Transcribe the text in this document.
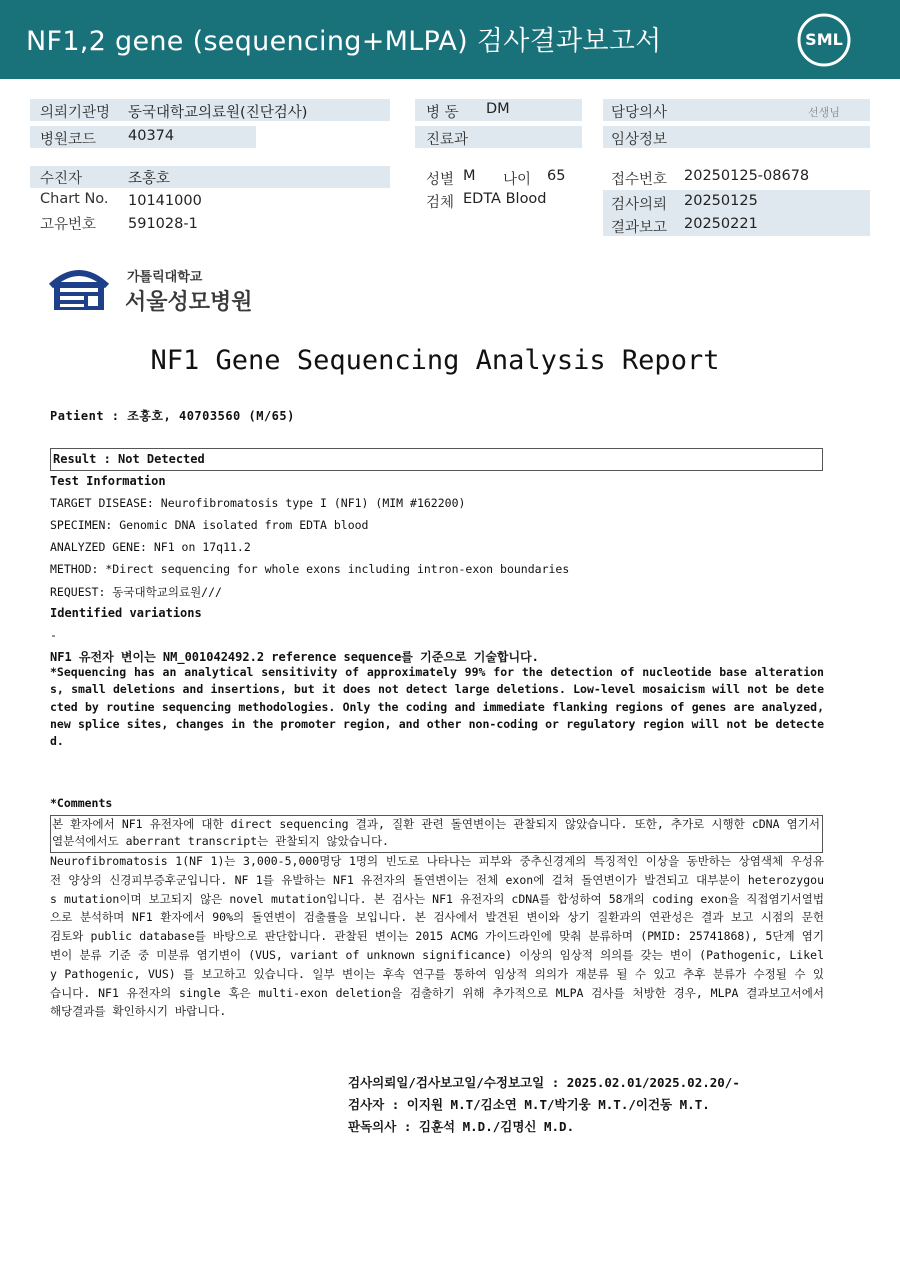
NF1,2 gene (sequencing+MLPA) 검사결과보고서	SML
의뢰기관명 동국대학교의료원(진단검사)
병원코드 40374
병 동 DM
진료과
담당의사	선생님
임상정보
수진자	조홍호
Chart No. 10141000
고유번호 591028-1
성별 M 나이 65
검체 EDTA Blood
접수번호 20250125-08678
검사의뢰 20250125
결과보고 20250221
가톨릭대학교
서울성모병원
NF1 Gene Sequencing Analysis Report
Patient : 조홍호, 40703560 (M/65)
Result : Not Detected
Test Information
TARGET DISEASE: Neurofibromatosis type I (NF1) (MIM #162200)
SPECIMEN: Genomic DNA isolated from EDTA blood
ANALYZED GENE: NF1 on 17q11.2
METHOD: *Direct sequencing for whole exons including intron-exon boundaries
REQUEST: 동국대학교의료원///
Identified variations
-
NF1 유전자 변이는 NM_001042492.2 reference sequence를 기준으로 기술합니다.
*Sequencing has an analytical sensitivity of approximately 99% for the detection of nucleotide base alterations, small deletions and insertions, but it does not detect large deletions. Low-level mosaicism will not be detected by routine sequencing methodologies. Only the coding and immediate flanking regions of genes are analyzed, new splice sites, changes in the promoter region, and other non-coding or regulatory region will not be detected.
*Comments
본 환자에서 NF1 유전자에 대한 direct sequencing 결과, 질환 관련 돌연변이는 관찰되지 않았습니다. 또한, 추가로 시행한 cDNA 염기서열분석에서도 aberrant transcript는 관찰되지 않았습니다.
Neurofibromatosis 1(NF 1)는 3,000-5,000명당 1명의 빈도로 나타나는 피부와 중추신경계의 특징적인 이상을 동반하는 상염색체 우성유전 양상의 신경피부증후군입니다. NF 1를 유발하는 NF1 유전자의 돌연변이는 전체 exon에 걸쳐 돌연변이가 발견되고 대부분이 heterozygous mutation이며 보고되지 않은 novel mutation입니다. 본 검사는 NF1 유전자의 cDNA를 합성하여 58개의 coding exon을 직접염기서열법으로 분석하며 NF1 환자에서 90%의 돌연변이 검출률을 보입니다. 본 검사에서 발견된 변이와 상기 질환과의 연관성은 결과 보고 시점의 문헌 검토와 public database를 바탕으로 판단합니다. 관찰된 변이는 2015 ACMG 가이드라인에 맞춰 분류하며 (PMID: 25741868), 5단계 염기변이 분류 기준 중 미분류 염기변이 (VUS, variant of unknown significance) 이상의 임상적 의의를 갖는 변이 (Pathogenic, Likely Pathogenic, VUS) 를 보고하고 있습니다. 일부 변이는 후속 연구를 통하여 임상적 의의가 재분류 될 수 있고 추후 분류가 수정될 수 있습니다. NF1 유전자의 single 혹은 multi-exon deletion을 검출하기 위해 추가적으로 MLPA 검사를 처방한 경우, MLPA 결과보고서에서 해당결과를 확인하시기 바랍니다.
검사의뢰일/검사보고일/수정보고일 : 2025.02.01/2025.02.20/-
검사자 : 이지원 M.T/김소연 M.T/박기웅 M.T./이건동 M.T.
판독의사 : 김훈석 M.D./김명신 M.D.
